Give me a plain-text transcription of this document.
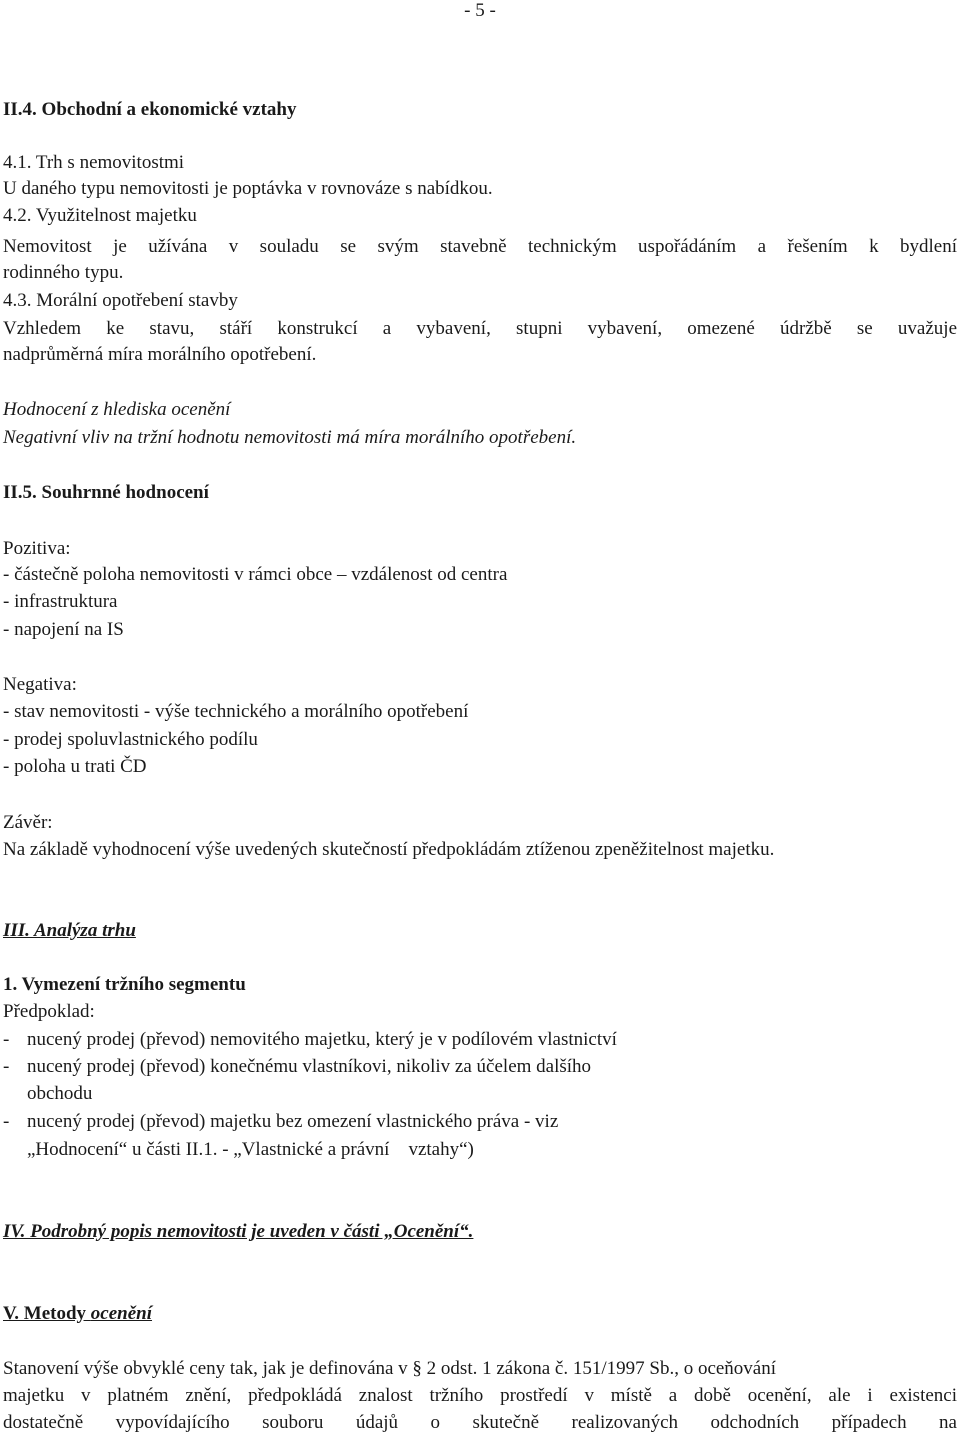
- 5 -
II.4. Obchodní a ekonomické vztahy
4.1. Trh s nemovitostmi
U daného typu nemovitosti je poptávka v rovnováze s nabídkou.
4.2. Využitelnost majetku
Nemovitost je užívána v souladu se svým stavebně technickým uspořádáním a řešením k bydlení
rodinného typu.
4.3. Morální opotřebení stavby
Vzhledem ke stavu, stáří konstrukcí a vybavení, stupni vybavení, omezené údržbě se uvažuje
nadprůměrná míra morálního opotřebení.
Hodnocení z hlediska ocenění
Negativní vliv na tržní hodnotu nemovitosti má míra morálního opotřebení.
II.5. Souhrnné hodnocení
Pozitiva:
- částečně poloha nemovitosti v rámci obce – vzdálenost od centra
- infrastruktura
- napojení na IS
Negativa:
- stav nemovitosti - výše technického a morálního opotřebení
- prodej spoluvlastnického podílu
- poloha u trati ČD
Závěr:
Na základě vyhodnocení výše uvedených skutečností předpokládám ztíženou zpeněžitelnost majetku.
III. Analýza trhu
1. Vymezení tržního segmentu
Předpoklad:
- nucený prodej (převod) nemovitého majetku, který je v podílovém vlastnictví
- nucený prodej (převod) konečnému vlastníkovi, nikoliv za účelem dalšího
obchodu
- nucený prodej (převod) majetku bez omezení vlastnického práva - viz
„Hodnocení“ u části II.1. - „Vlastnické a právní    vztahy“)
IV. Podrobný popis nemovitosti je uveden v části „Ocenění“.
V. Metody ocenění
Stanovení výše obvyklé ceny tak, jak je definována v § 2 odst. 1 zákona č. 151/1997 Sb., o oceňování
majetku v platném znění, předpokládá znalost tržního prostředí v místě a době ocenění, ale i existenci
dostatečně vypovídajícího souboru údajů o skutečně realizovaných odchodních případech na
